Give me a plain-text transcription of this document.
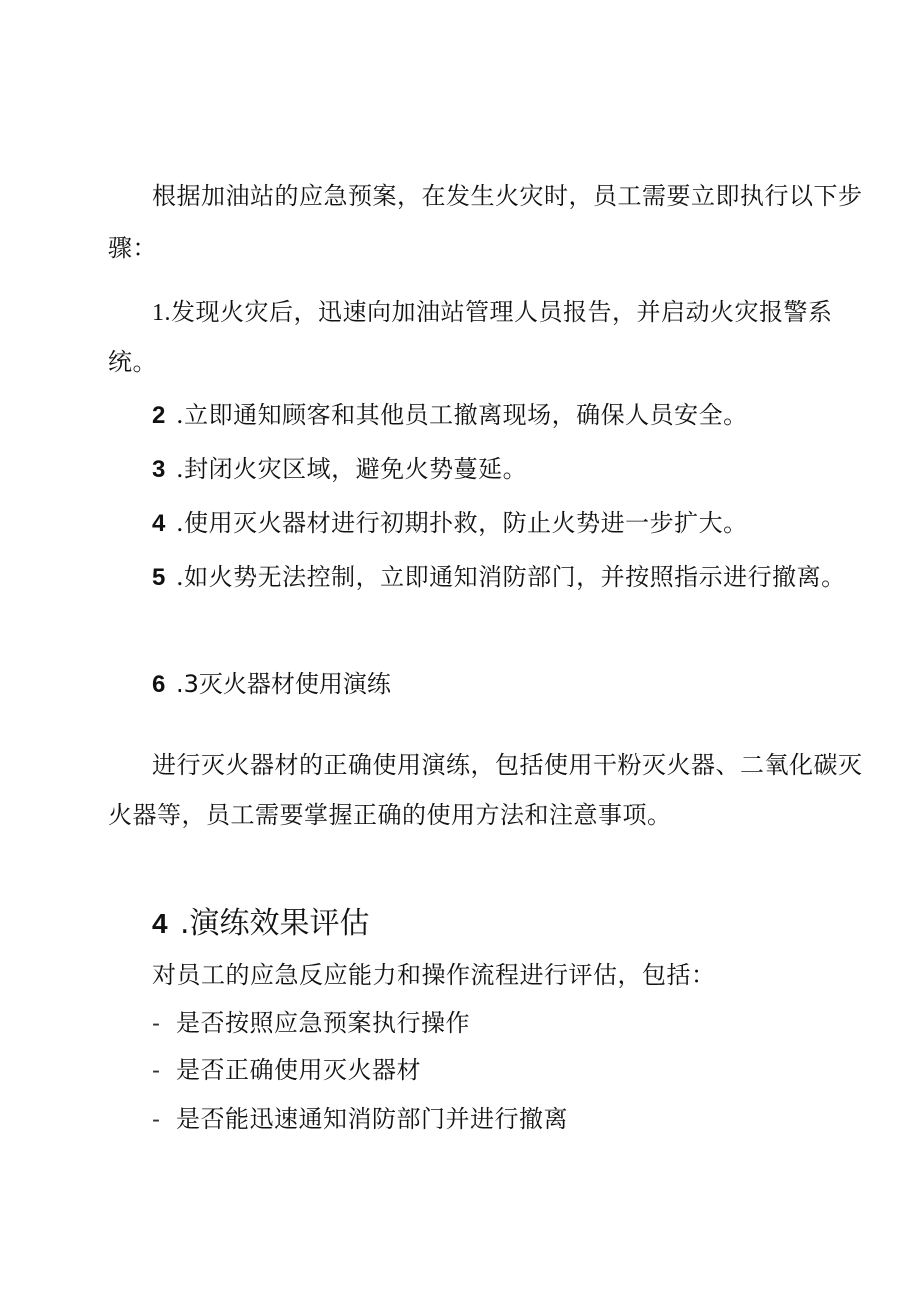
根据加油站的应急预案，在发生火灾时，员工需要立即执行以下步

骤：

1.发现火灾后，迅速向加油站管理人员报告，并启动火灾报警系

统。

2 .立即通知顾客和其他员工撤离现场，确保人员安全。

3 .封闭火灾区域，避免火势蔓延。

4 .使用灭火器材进行初期扑救，防止火势进一步扩大。

5 .如火势无法控制，立即通知消防部门，并按照指示进行撤离。

6 .3灭火器材使用演练

进行灭火器材的正确使用演练，包括使用干粉灭火器、二氧化碳灭

火器等，员工需要掌握正确的使用方法和注意事项。

4 .演练效果评估

对员工的应急反应能力和操作流程进行评估，包括：

- 是否按照应急预案执行操作

- 是否正确使用灭火器材

- 是否能迅速通知消防部门并进行撤离
